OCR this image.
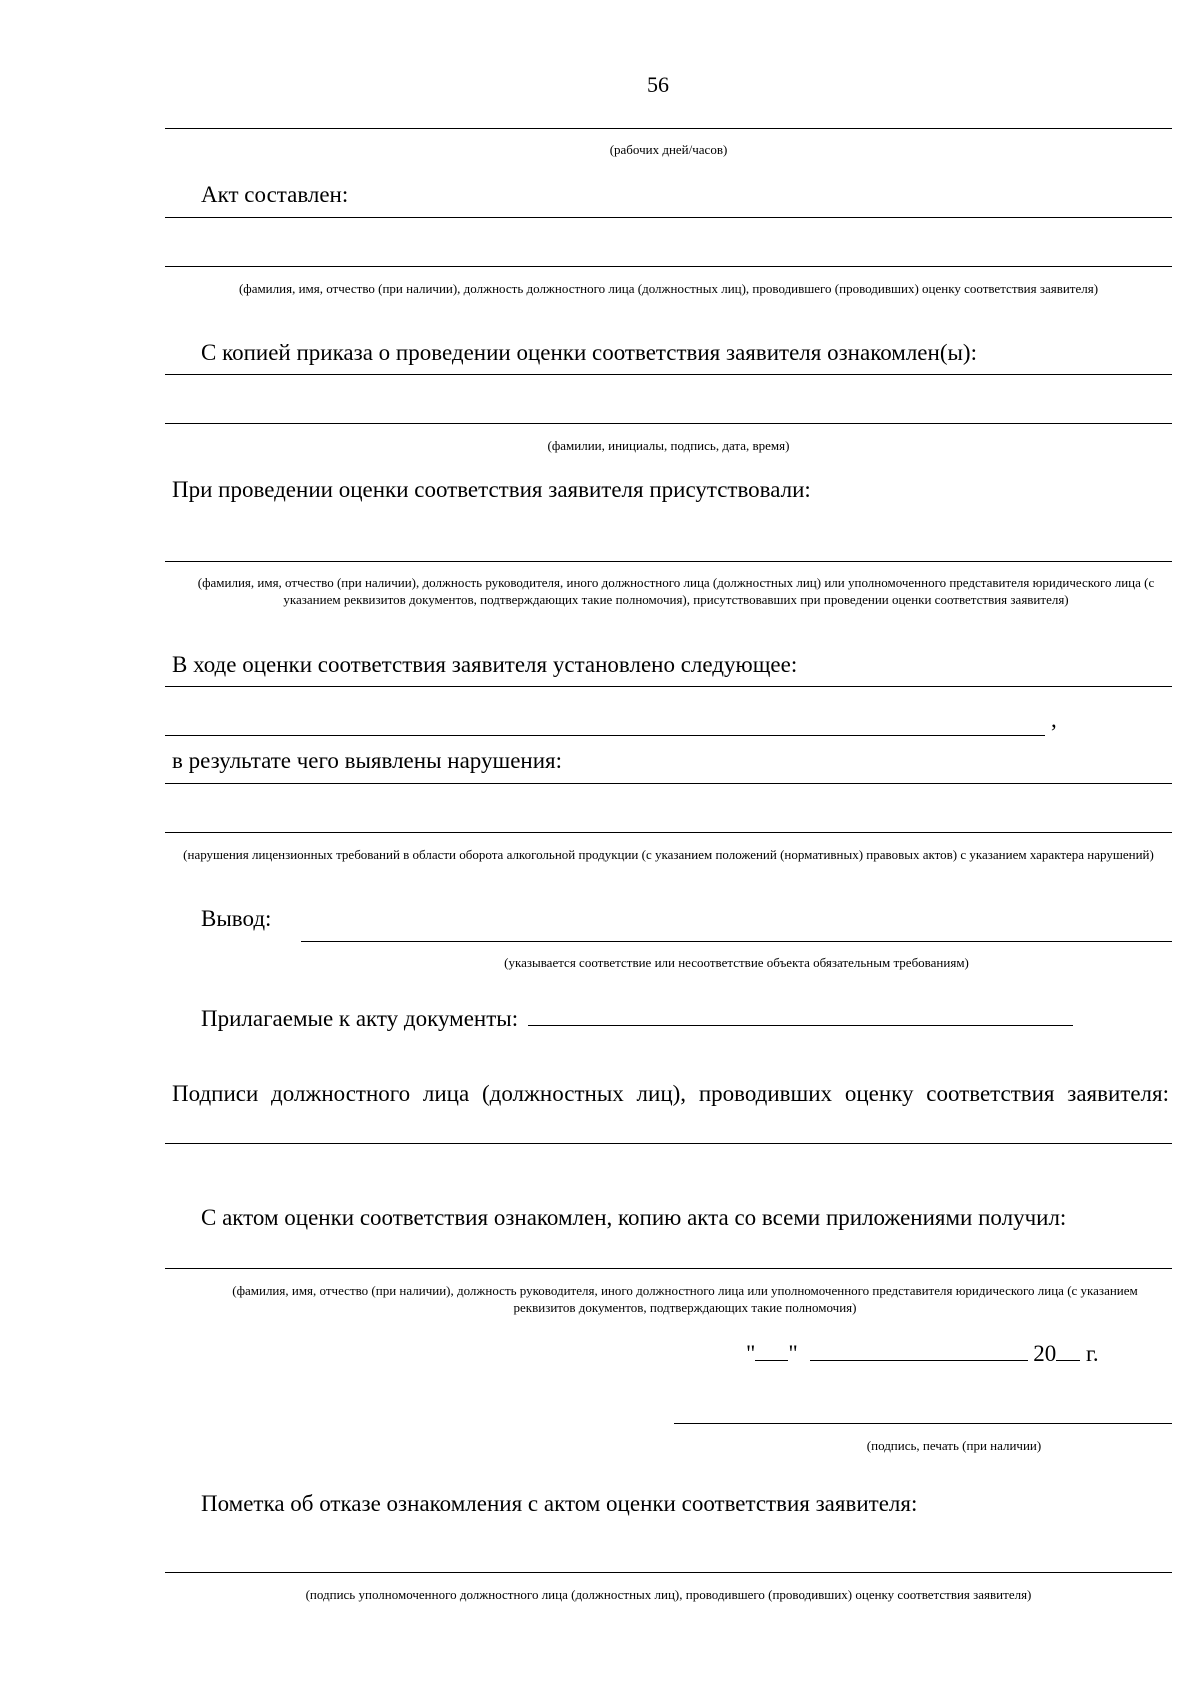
56
(рабочих дней/часов)
Акт составлен:
(фамилия, имя, отчество (при наличии), должность должностного лица (должностных лиц), проводившего (проводивших) оценку соответствия заявителя)
С копией приказа о проведении оценки соответствия заявителя ознакомлен(ы):
(фамилии, инициалы, подпись, дата, время)
При проведении оценки соответствия заявителя присутствовали:
(фамилия, имя, отчество (при наличии), должность руководителя, иного должностного лица (должностных лиц) или уполномоченного представителя юридического лица (с указанием реквизитов документов, подтверждающих такие полномочия), присутствовавших при проведении оценки соответствия заявителя)
В ходе оценки соответствия заявителя установлено следующее:
,
в результате чего выявлены нарушения:
(нарушения лицензионных требований в области оборота алкогольной продукции (с указанием положений (нормативных) правовых актов) с указанием характера нарушений)
Вывод:
(указывается соответствие или несоответствие объекта обязательным требованиям)
Прилагаемые к акту документы:
Подписи должностного лица (должностных лиц), проводивших оценку соответствия заявителя:
С актом оценки соответствия ознакомлен, копию акта со всеми приложениями получил:
(фамилия, имя, отчество (при наличии), должность руководителя, иного должностного лица или уполномоченного представителя юридического лица (с указанием реквизитов документов, подтверждающих такие полномочия)
" "	20 г.
(подпись, печать (при наличии)
Пометка об отказе ознакомления с актом оценки соответствия заявителя:
(подпись уполномоченного должностного лица (должностных лиц), проводившего (проводивших) оценку соответствия заявителя)
